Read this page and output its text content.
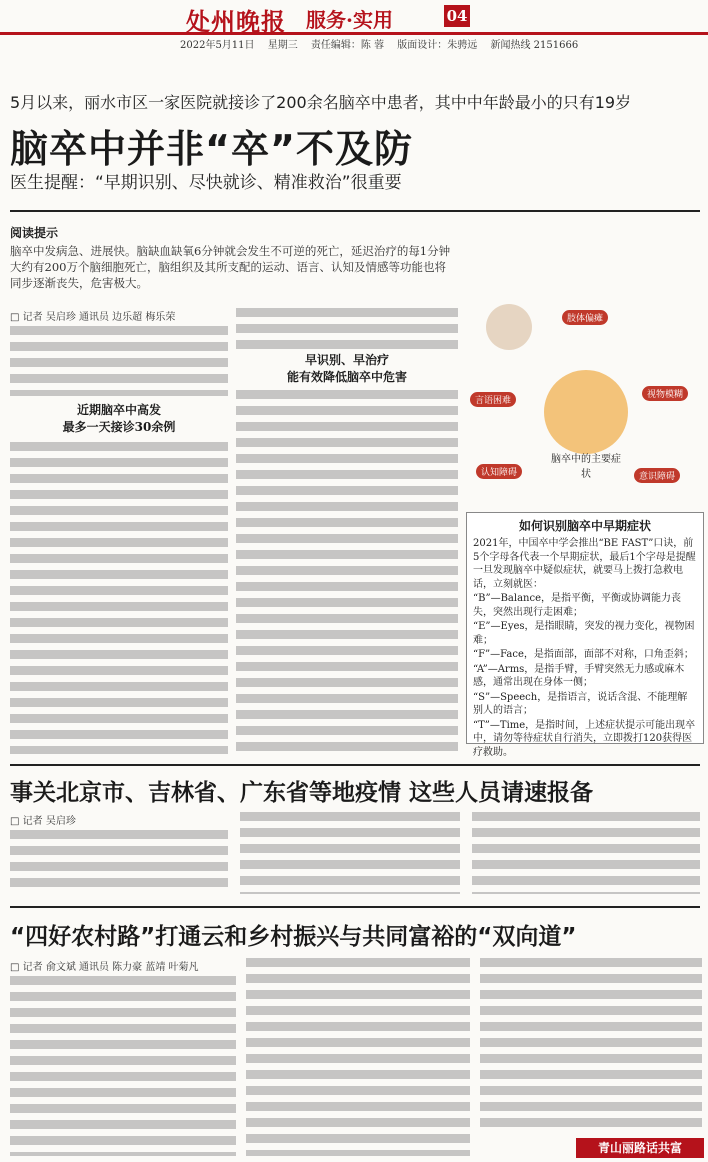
处州晚报 服务·实用	04
2022年5月11日 星期三 责任编辑：陈 蓉 版面设计：朱骋远 新闻热线 2151666
5月以来，丽水市区一家医院就接诊了200余名脑卒中患者，其中中年龄最小的只有19岁
脑卒中并非“卒”不及防
医生提醒：“早期识别、尽快就诊、精准救治”很重要
阅读提示
脑卒中发病急、进展快。脑缺血缺氧6分钟就会发生不可逆的死亡，延迟治疗的每1分钟大约有200万个脑细胞死亡，脑组织及其所支配的运动、语言、认知及情感等功能也将同步逐渐丧失，危害极大。
□ 记者 吴启珍 通讯员 边乐超 梅乐荣
近期脑卒中高发
最多一天接诊30余例
早识别、早治疗
能有效降低脑卒中危害
脑卒中的主要症状
肢体偏瘫
言语困难
认知障碍
视物模糊
意识障碍
如何识别脑卒中早期症状

2021年，中国卒中学会推出“BE FAST”口诀，前5个字母各代表一个早期症状，最后1个字母是提醒一旦发现脑卒中疑似症状，就要马上拨打急救电话，立刻就医：

“B”—Balance，是指平衡，平衡或协调能力丧失，突然出现行走困难；

“E”—Eyes，是指眼睛，突发的视力变化，视物困难；

“F”—Face，是指面部，面部不对称，口角歪斜；

“A”—Arms，是指手臂，手臂突然无力感或麻木感，通常出现在身体一侧；

“S”—Speech，是指语言，说话含混、不能理解别人的语言；

“T”—Time，是指时间，上述症状提示可能出现卒中，请勿等待症状自行消失，立即拨打120获得医疗救助。

事关北京市、吉林省、广东省等地疫情 这些人员请速报备
□ 记者 吴启珍
“四好农村路”打通云和乡村振兴与共同富裕的“双向道”
□ 记者 俞文斌 通讯员 陈力豪 蓝靖 叶菊凡
青山丽路话共富
